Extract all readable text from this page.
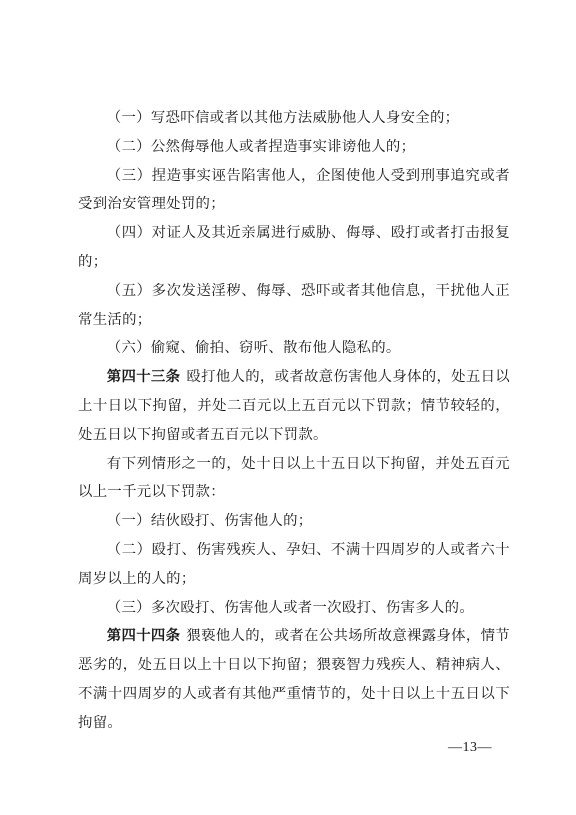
（一）写恐吓信或者以其他方法威胁他人人身安全的；

（二）公然侮辱他人或者捏造事实诽谤他人的；

（三）捏造事实诬告陷害他人，企图使他人受到刑事追究或者受到治安管理处罚的；

（四）对证人及其近亲属进行威胁、侮辱、殴打或者打击报复的；

（五）多次发送淫秽、侮辱、恐吓或者其他信息，干扰他人正常生活的；

（六）偷窥、偷拍、窃听、散布他人隐私的。

第四十三条 殴打他人的，或者故意伤害他人身体的，处五日以上十日以下拘留，并处二百元以上五百元以下罚款；情节较轻的，处五日以下拘留或者五百元以下罚款。

有下列情形之一的，处十日以上十五日以下拘留，并处五百元以上一千元以下罚款：

（一）结伙殴打、伤害他人的；

（二）殴打、伤害残疾人、孕妇、不满十四周岁的人或者六十周岁以上的人的；

（三）多次殴打、伤害他人或者一次殴打、伤害多人的。

第四十四条 猥亵他人的，或者在公共场所故意裸露身体，情节恶劣的，处五日以上十日以下拘留；猥亵智力残疾人、精神病人、不满十四周岁的人或者有其他严重情节的，处十日以上十五日以下拘留。

—13—
